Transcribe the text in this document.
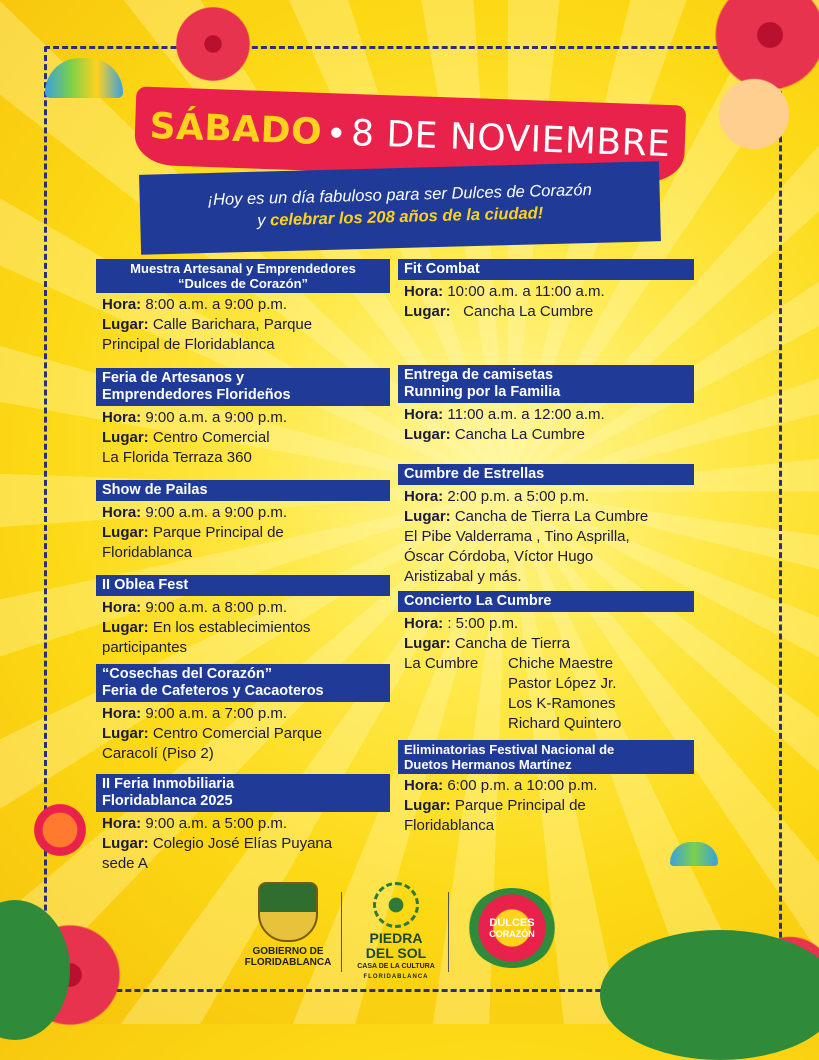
SÁBADO • 8 DE NOVIEMBRE
¡Hoy es un día fabuloso para ser Dulces de Corazón
y celebrar los 208 años de la ciudad!
Muestra Artesanal y Emprendedores
“Dulces de Corazón”
Hora: 8:00 a.m. a 9:00 p.m.
Lugar: Calle Barichara, Parque
Principal de Floridablanca
Feria de Artesanos y
Emprendedores Florideños
Hora: 9:00 a.m. a 9:00 p.m.
Lugar: Centro Comercial
La Florida Terraza 360
Show de Pailas
Hora: 9:00 a.m. a 9:00 p.m.
Lugar: Parque Principal de
Floridablanca
II Oblea Fest
Hora: 9:00 a.m. a 8:00 p.m.
Lugar: En los establecimientos
participantes
“Cosechas del Corazón”
Feria de Cafeteros y Cacaoteros
Hora: 9:00 a.m. a 7:00 p.m.
Lugar: Centro Comercial Parque
Caracolí (Piso 2)
II Feria Inmobiliaria
Floridablanca 2025
Hora: 9:00 a.m. a 5:00 p.m.
Lugar: Colegio José Elías Puyana
sede A
Fit Combat
Hora: 10:00 a.m. a 11:00 a.m.
Lugar:   Cancha La Cumbre
Entrega de camisetas
Running por la Familia
Hora: 11:00 a.m. a 12:00 a.m.
Lugar: Cancha La Cumbre
Cumbre de Estrellas
Hora: 2:00 p.m. a 5:00 p.m.
Lugar: Cancha de Tierra La Cumbre
El Pibe Valderrama , Tino Asprilla,
Óscar Córdoba, Víctor Hugo
Aristizabal y más.
Concierto La Cumbre
Hora: : 5:00 p.m.
Lugar: Cancha de Tierra
La Cumbre Chiche Maestre
Pastor López Jr.
Los K-Ramones
Richard Quintero
Eliminatorias Festival Nacional de
Duetos Hermanos Martínez
Hora: 6:00 p.m. a 10:00 p.m.
Lugar: Parque Principal de
Floridablanca
GOBIERNO DE
FLORIDABLANCA
PIEDRA
DEL SOL
CASA DE LA CULTURA
FLORIDABLANCA
DULCES
CORAZÓN
